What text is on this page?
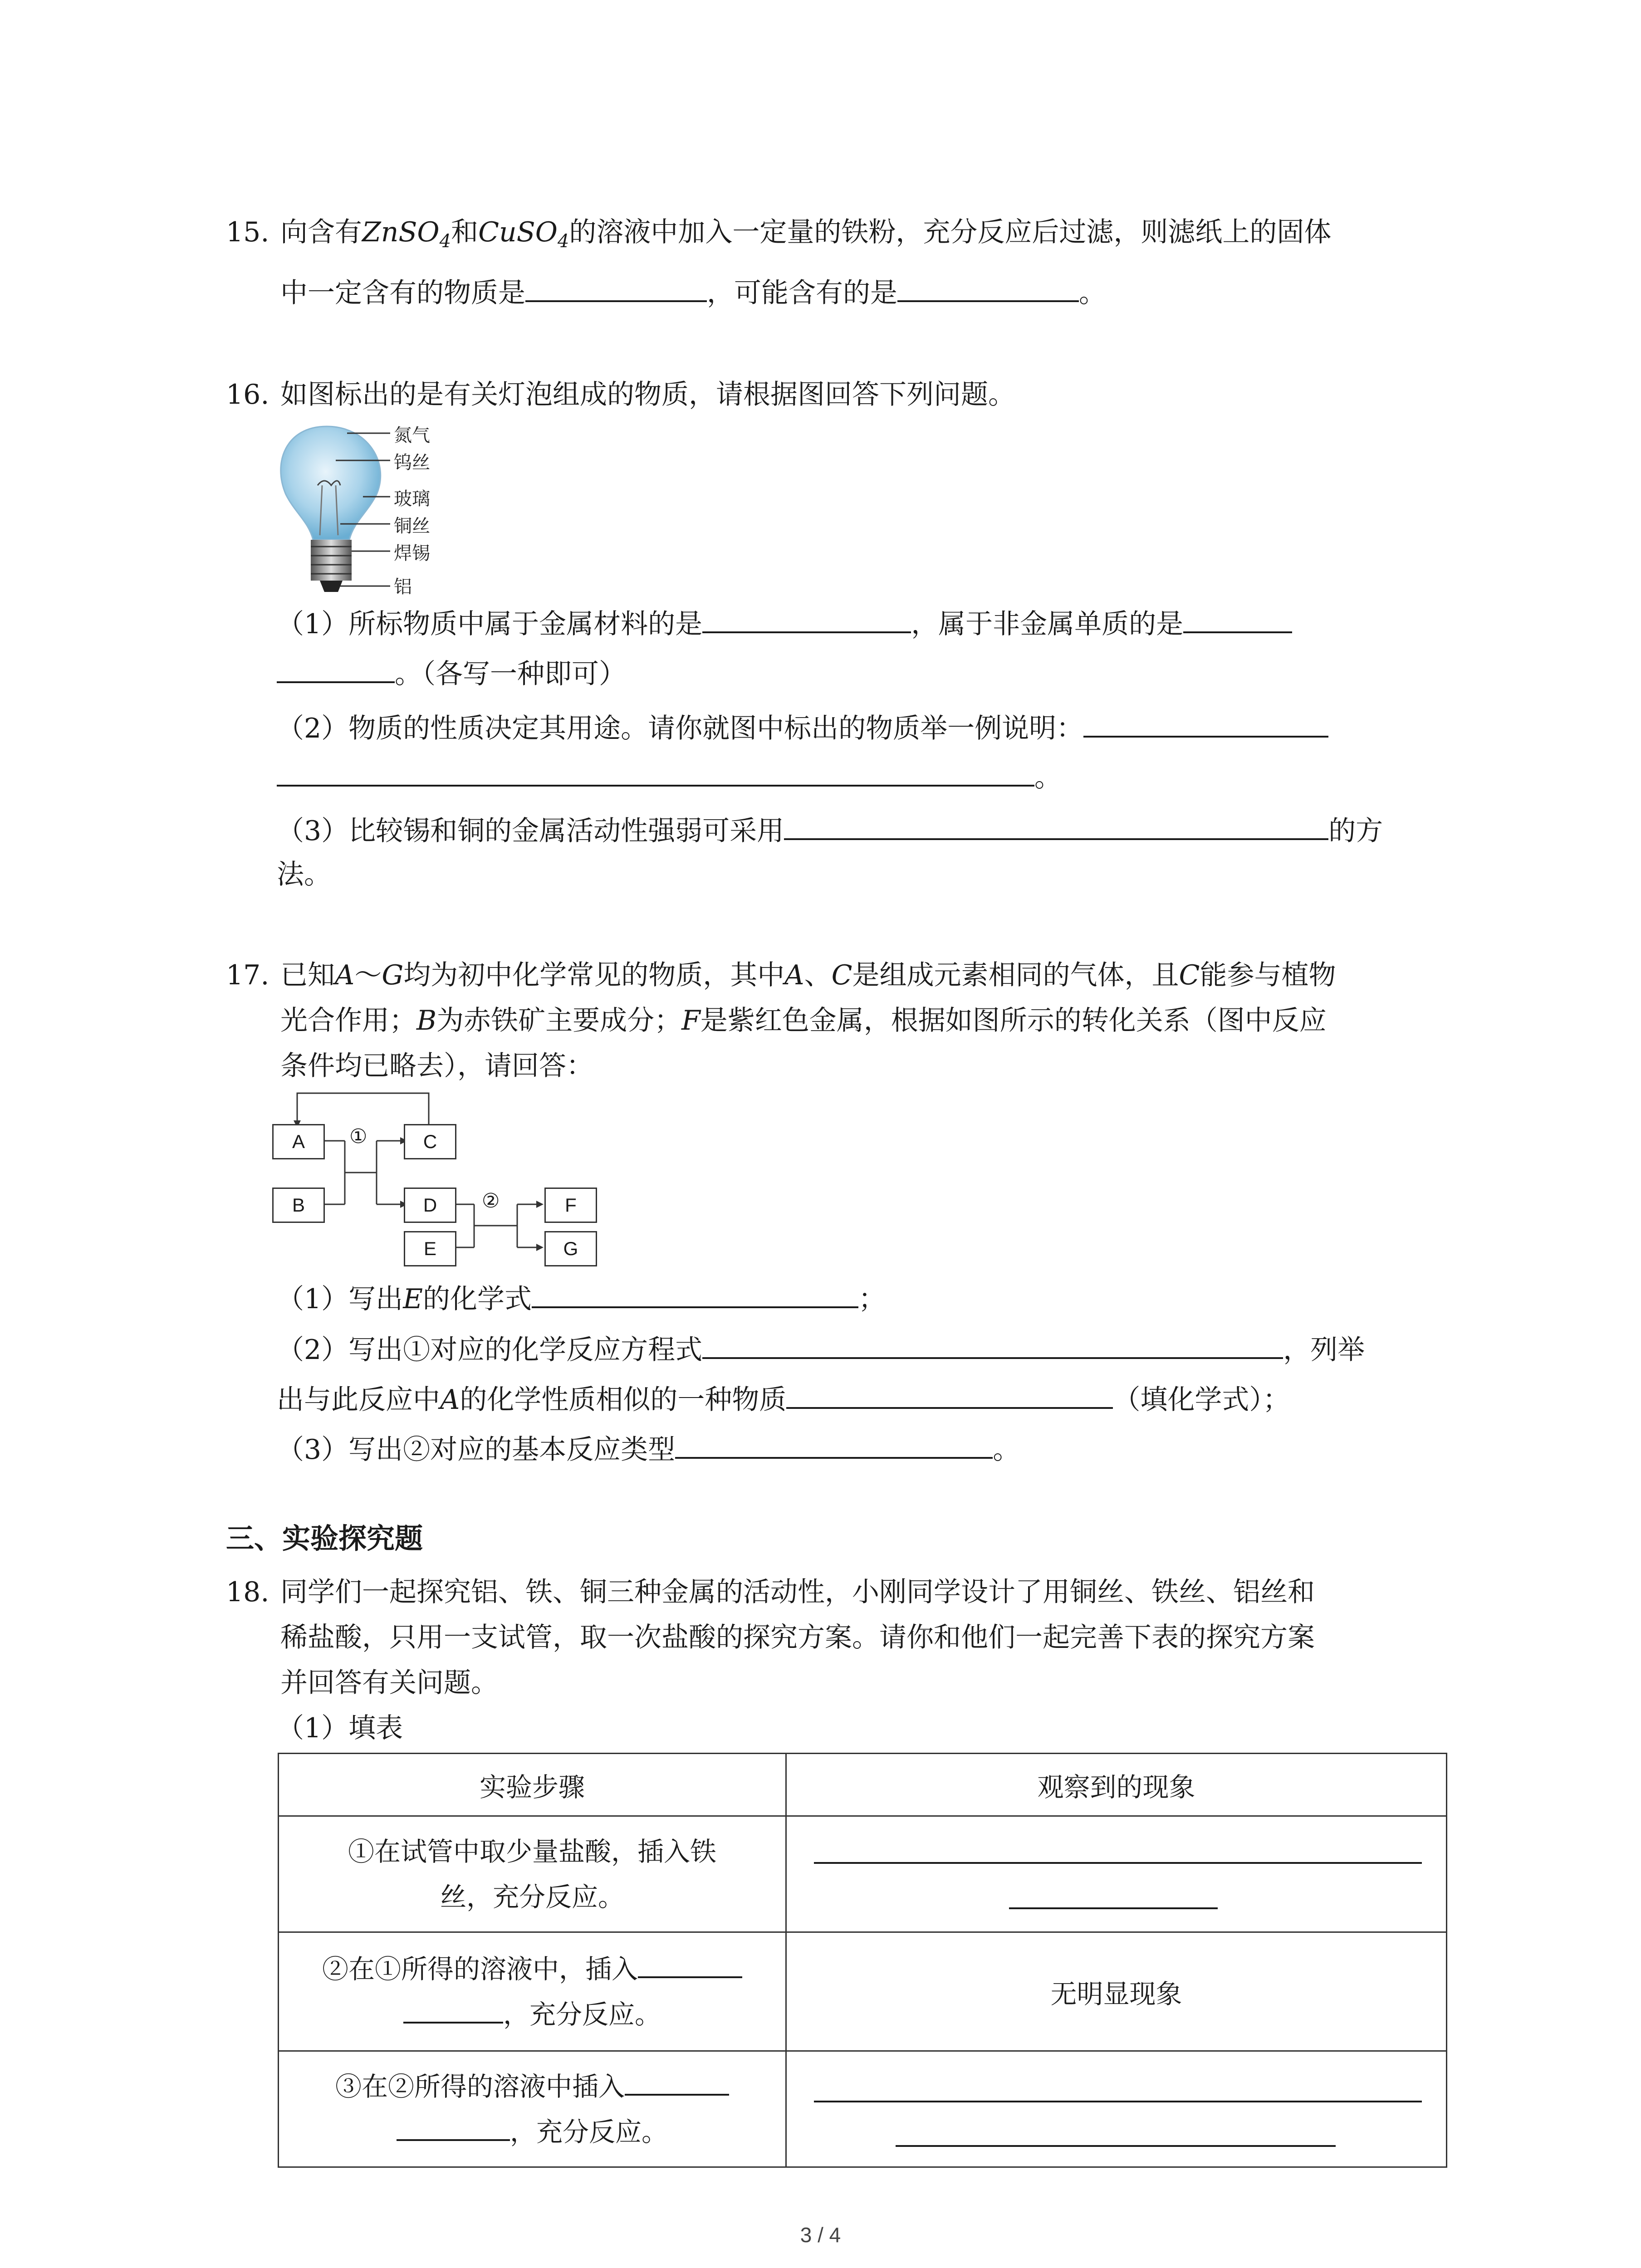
15. 向含有ZnSO$_4$和CuSO$_4$的溶液中加入一定量的铁粉，充分反应后过滤，则滤纸上的固体
中一定含有的物质是	，可能含有的是	。
16. 如图标出的是有关灯泡组成的物质，请根据图回答下列问题。
氮气
钨丝
玻璃
铜丝
焊锡
铝
（1）所标物质中属于金属材料的是	，属于非金属单质的是
。（各写一种即可）
（2）物质的性质决定其用途。请你就图中标出的物质举一例说明：
。
（3）比较锡和铜的金属活动性强弱可采用	的方
法。
17. 已知A～G均为初中化学常见的物质，其中A、C是组成元素相同的气体，且C能参与植物
光合作用；B为赤铁矿主要成分；F是紫红色金属，根据如图所示的转化关系（图中反应
条件均已略去），请回答：
A
B
C
D
E
F
G
①
②
（1）写出E的化学式	；
（2）写出①对应的化学反应方程式	，列举
出与此反应中A的化学性质相似的一种物质	（填化学式）；
（3）写出②对应的基本反应类型	。
三、实验探究题
18. 同学们一起探究铝、铁、铜三种金属的活动性，小刚同学设计了用铜丝、铁丝、铝丝和
稀盐酸，只用一支试管，取一次盐酸的探究方案。请你和他们一起完善下表的探究方案
并回答有关问题。
（1）填表
实验步骤	观察到的现象

①在试管中取少量盐酸，插入铁
丝，充分反应。	

②在①所得的溶液中，插入
，充分反应。	无明显现象

③在②所得的溶液中插入
，充分反应。	

3 / 4
